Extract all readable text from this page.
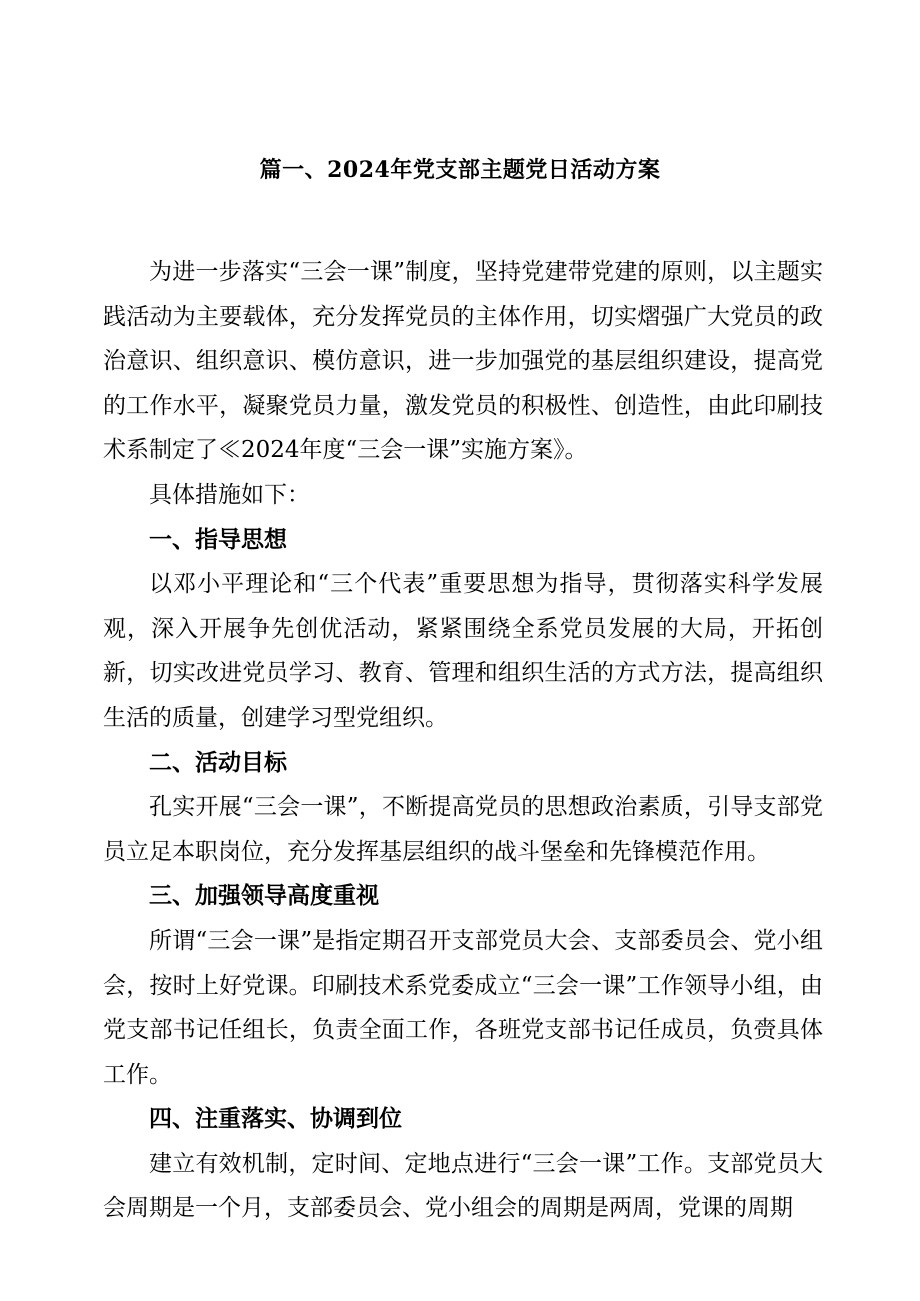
篇一、2024年党支部主题党日活动方案

为进一步落实“三会一课”制度，坚持党建带党建的原则，以主题实践活动为主要载体，充分发挥党员的主体作用，切实熠强广大党员的政治意识、组织意识、模仿意识，进一步加强党的基层组织建设，提高党的工作水平，凝聚党员力量，激发党员的积极性、创造性，由此印刷技术系制定了≪2024年度“三会一课”实施方案》。

具体措施如下：

一、指导思想

以邓小平理论和“三个代表”重要思想为指导，贯彻落实科学发展观，深入开展争先创优活动，紧紧围绕全系党员发展的大局，开拓创新，切实改进党员学习、教育、管理和组织生活的方式方法，提高组织生活的质量，创建学习型党组织。

二、活动目标

孔实开展“三会一课”，不断提高党员的思想政治素质，引导支部党员立足本职岗位，充分发挥基层组织的战斗堡垒和先锋模范作用。

三、加强领导高度重视

所谓“三会一课”是指定期召开支部党员大会、支部委员会、党小组会，按时上好党课。印刷技术系党委成立“三会一课”工作领导小组，由党支部书记任组长，负责全面工作，各班党支部书记任成员，负赍具体工作。

四、注重落实、协调到位

建立有效机制，定时间、定地点进行“三会一课”工作。支部党员大会周期是一个月，支部委员会、党小组会的周期是两周，党课的周期
